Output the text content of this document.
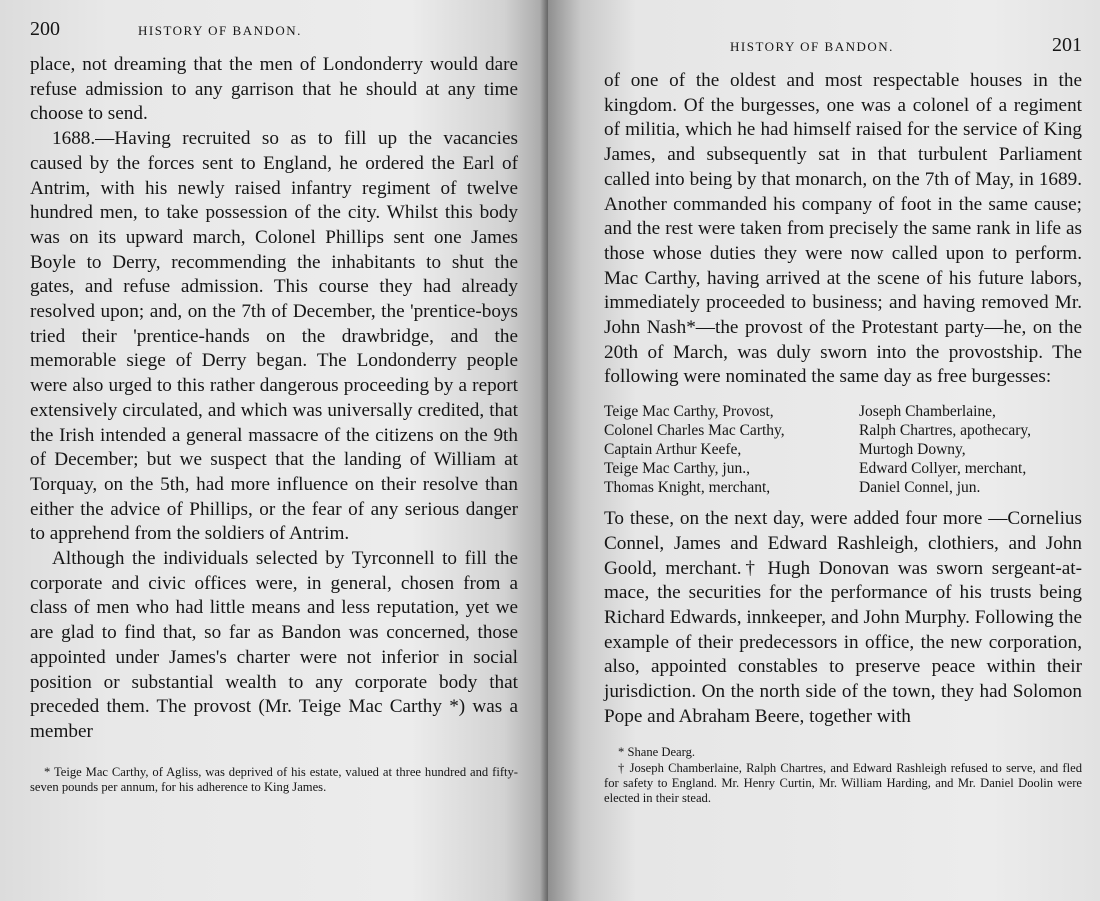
200	HISTORY OF BANDON.

place, not dreaming that the men of Londonderry would dare refuse admission to any garrison that he should at any time choose to send.

1688.—Having recruited so as to fill up the vacancies caused by the forces sent to England, he ordered the Earl of Antrim, with his newly raised infantry regiment of twelve hundred men, to take possession of the city. Whilst this body was on its upward march, Colonel Phillips sent one James Boyle to Derry, recommending the inhabitants to shut the gates, and refuse admission. This course they had already resolved upon; and, on the 7th of December, the 'prentice-boys tried their 'prentice-hands on the drawbridge, and the memorable siege of Derry began. The Londonderry people were also urged to this rather dangerous proceeding by a report extensively circulated, and which was universally credited, that the Irish intended a general massacre of the citizens on the 9th of December; but we suspect that the landing of William at Torquay, on the 5th, had more influence on their resolve than either the advice of Phillips, or the fear of any serious danger to apprehend from the soldiers of Antrim.

Although the individuals selected by Tyrconnell to fill the corporate and civic offices were, in general, chosen from a class of men who had little means and less reputation, yet we are glad to find that, so far as Bandon was concerned, those appointed under James's charter were not inferior in social position or substantial wealth to any corporate body that preceded them. The provost (Mr. Teige Mac Carthy *) was a member

* Teige Mac Carthy, of Agliss, was deprived of his estate, valued at three hundred and fifty-seven pounds per annum, for his adherence to King James.

HISTORY OF BANDON.	201

of one of the oldest and most respectable houses in the kingdom. Of the burgesses, one was a colonel of a regiment of militia, which he had himself raised for the service of King James, and subsequently sat in that turbulent Parliament called into being by that monarch, on the 7th of May, in 1689. Another commanded his company of foot in the same cause; and the rest were taken from precisely the same rank in life as those whose duties they were now called upon to perform. Mac Carthy, having arrived at the scene of his future labors, immediately proceeded to business; and having removed Mr. John Nash*—the provost of the Protestant party—he, on the 20th of March, was duly sworn into the provostship. The following were nominated the same day as free burgesses:

Teige Mac Carthy, Provost,	Joseph Chamberlaine,
Colonel Charles Mac Carthy,	Ralph Chartres, apothecary,
Captain Arthur Keefe,	Murtogh Downy,
Teige Mac Carthy, jun.,	Edward Collyer, merchant,
Thomas Knight, merchant,	Daniel Connel, jun.

To these, on the next day, were added four more —Cornelius Connel, James and Edward Rashleigh, clothiers, and John Goold, merchant.† Hugh Donovan was sworn sergeant-at-mace, the securities for the performance of his trusts being Richard Edwards, innkeeper, and John Murphy. Following the example of their predecessors in office, the new corporation, also, appointed constables to preserve peace within their jurisdiction. On the north side of the town, they had Solomon Pope and Abraham Beere, together with

* Shane Dearg.

† Joseph Chamberlaine, Ralph Chartres, and Edward Rashleigh refused to serve, and fled for safety to England. Mr. Henry Curtin, Mr. William Harding, and Mr. Daniel Doolin were elected in their stead.
